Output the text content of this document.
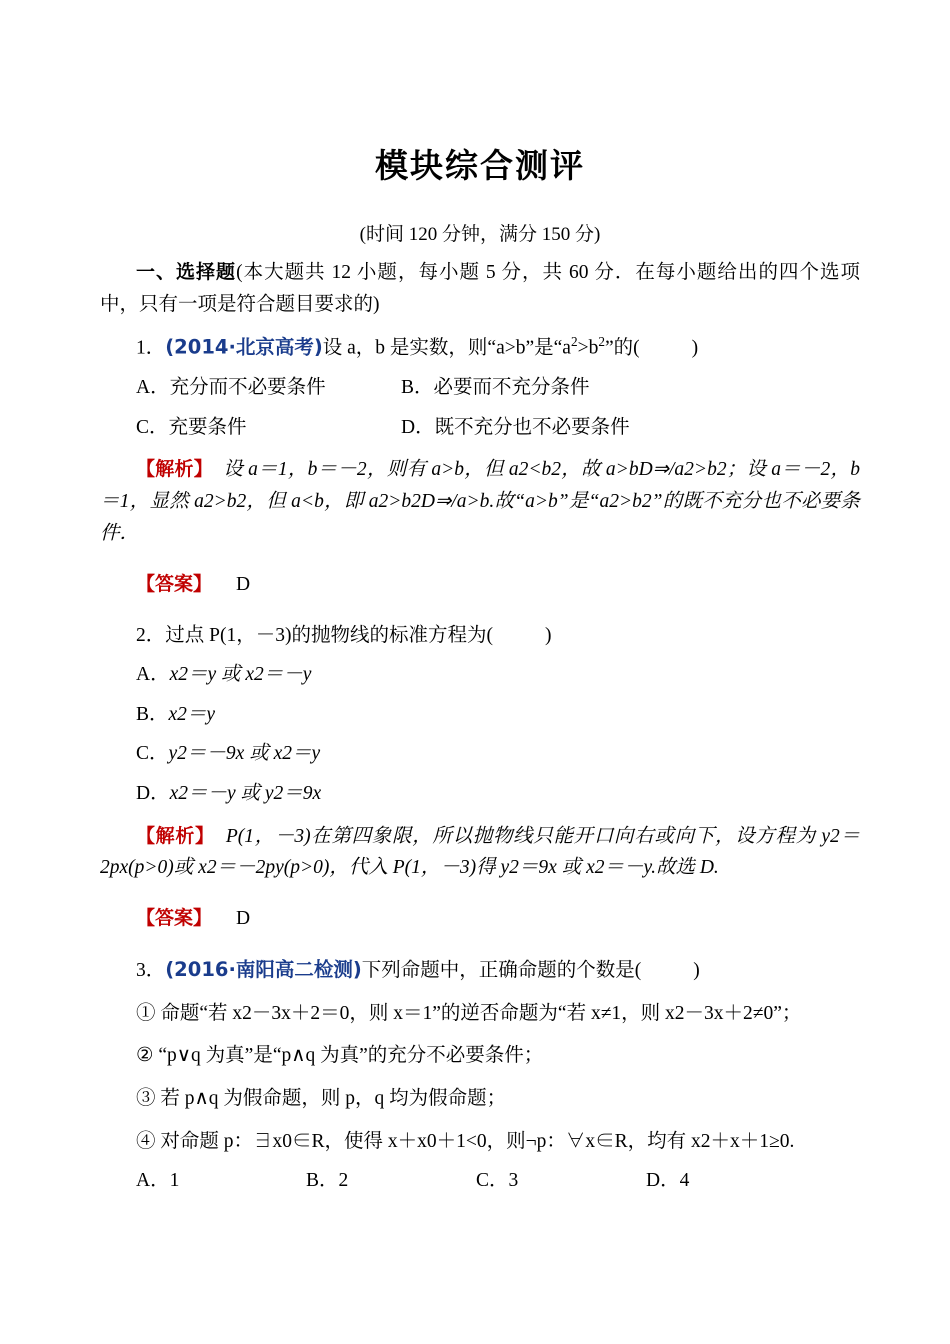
模块综合测评
(时间 120 分钟，满分 150 分)

一、选择题(本大题共 12 小题，每小题 5 分，共 60 分．在每小题给出的四个选项中，只有一项是符合题目要求的)

1．(2014·北京高考)设 a，b 是实数，则“a>b”是“$a^2>b^2$”的(	)

A．充分而不必要条件	B．必要而不充分条件
C．充要条件	D．既不充分也不必要条件

【解析】 设 a＝1，b＝－2，则有 a>b，但 a2<b2，故 a>bD⇒/a2>b2；设 a＝－2，b＝1，显然 a2>b2，但 a<b，即 a2>b2D⇒/a>b.故“a>b”是“a2>b2”的既不充分也不必要条件．

【答案】 D

2．过点 P(1，－3)的抛物线的标准方程为(	)

A．x2＝y 或 x2＝－y
B．x2＝y
C．y2＝－9x 或 x2＝y
D．x2＝－y 或 y2＝9x

【解析】 P(1，－3)在第四象限，所以抛物线只能开口向右或向下，设方程为 y2＝2px(p>0)或 x2＝－2py(p>0)，代入 P(1，－3)得 y2＝9x 或 x2＝－y.故选 D.

【答案】 D

3．(2016·南阳高二检测)下列命题中，正确命题的个数是(	)

① 命题“若 x2－3x＋2＝0，则 x＝1”的逆否命题为“若 x≠1，则 x2－3x＋2≠0”；

② “p∨q 为真”是“p∧q 为真”的充分不必要条件；

③ 若 p∧q 为假命题，则 p，q 均为假命题；

④ 对命题 p：∃x0∈R，使得 x＋x0＋1<0，则¬p：∀x∈R，均有 x2＋x＋1≥0.

A．1	B．2	C．3	D．4
